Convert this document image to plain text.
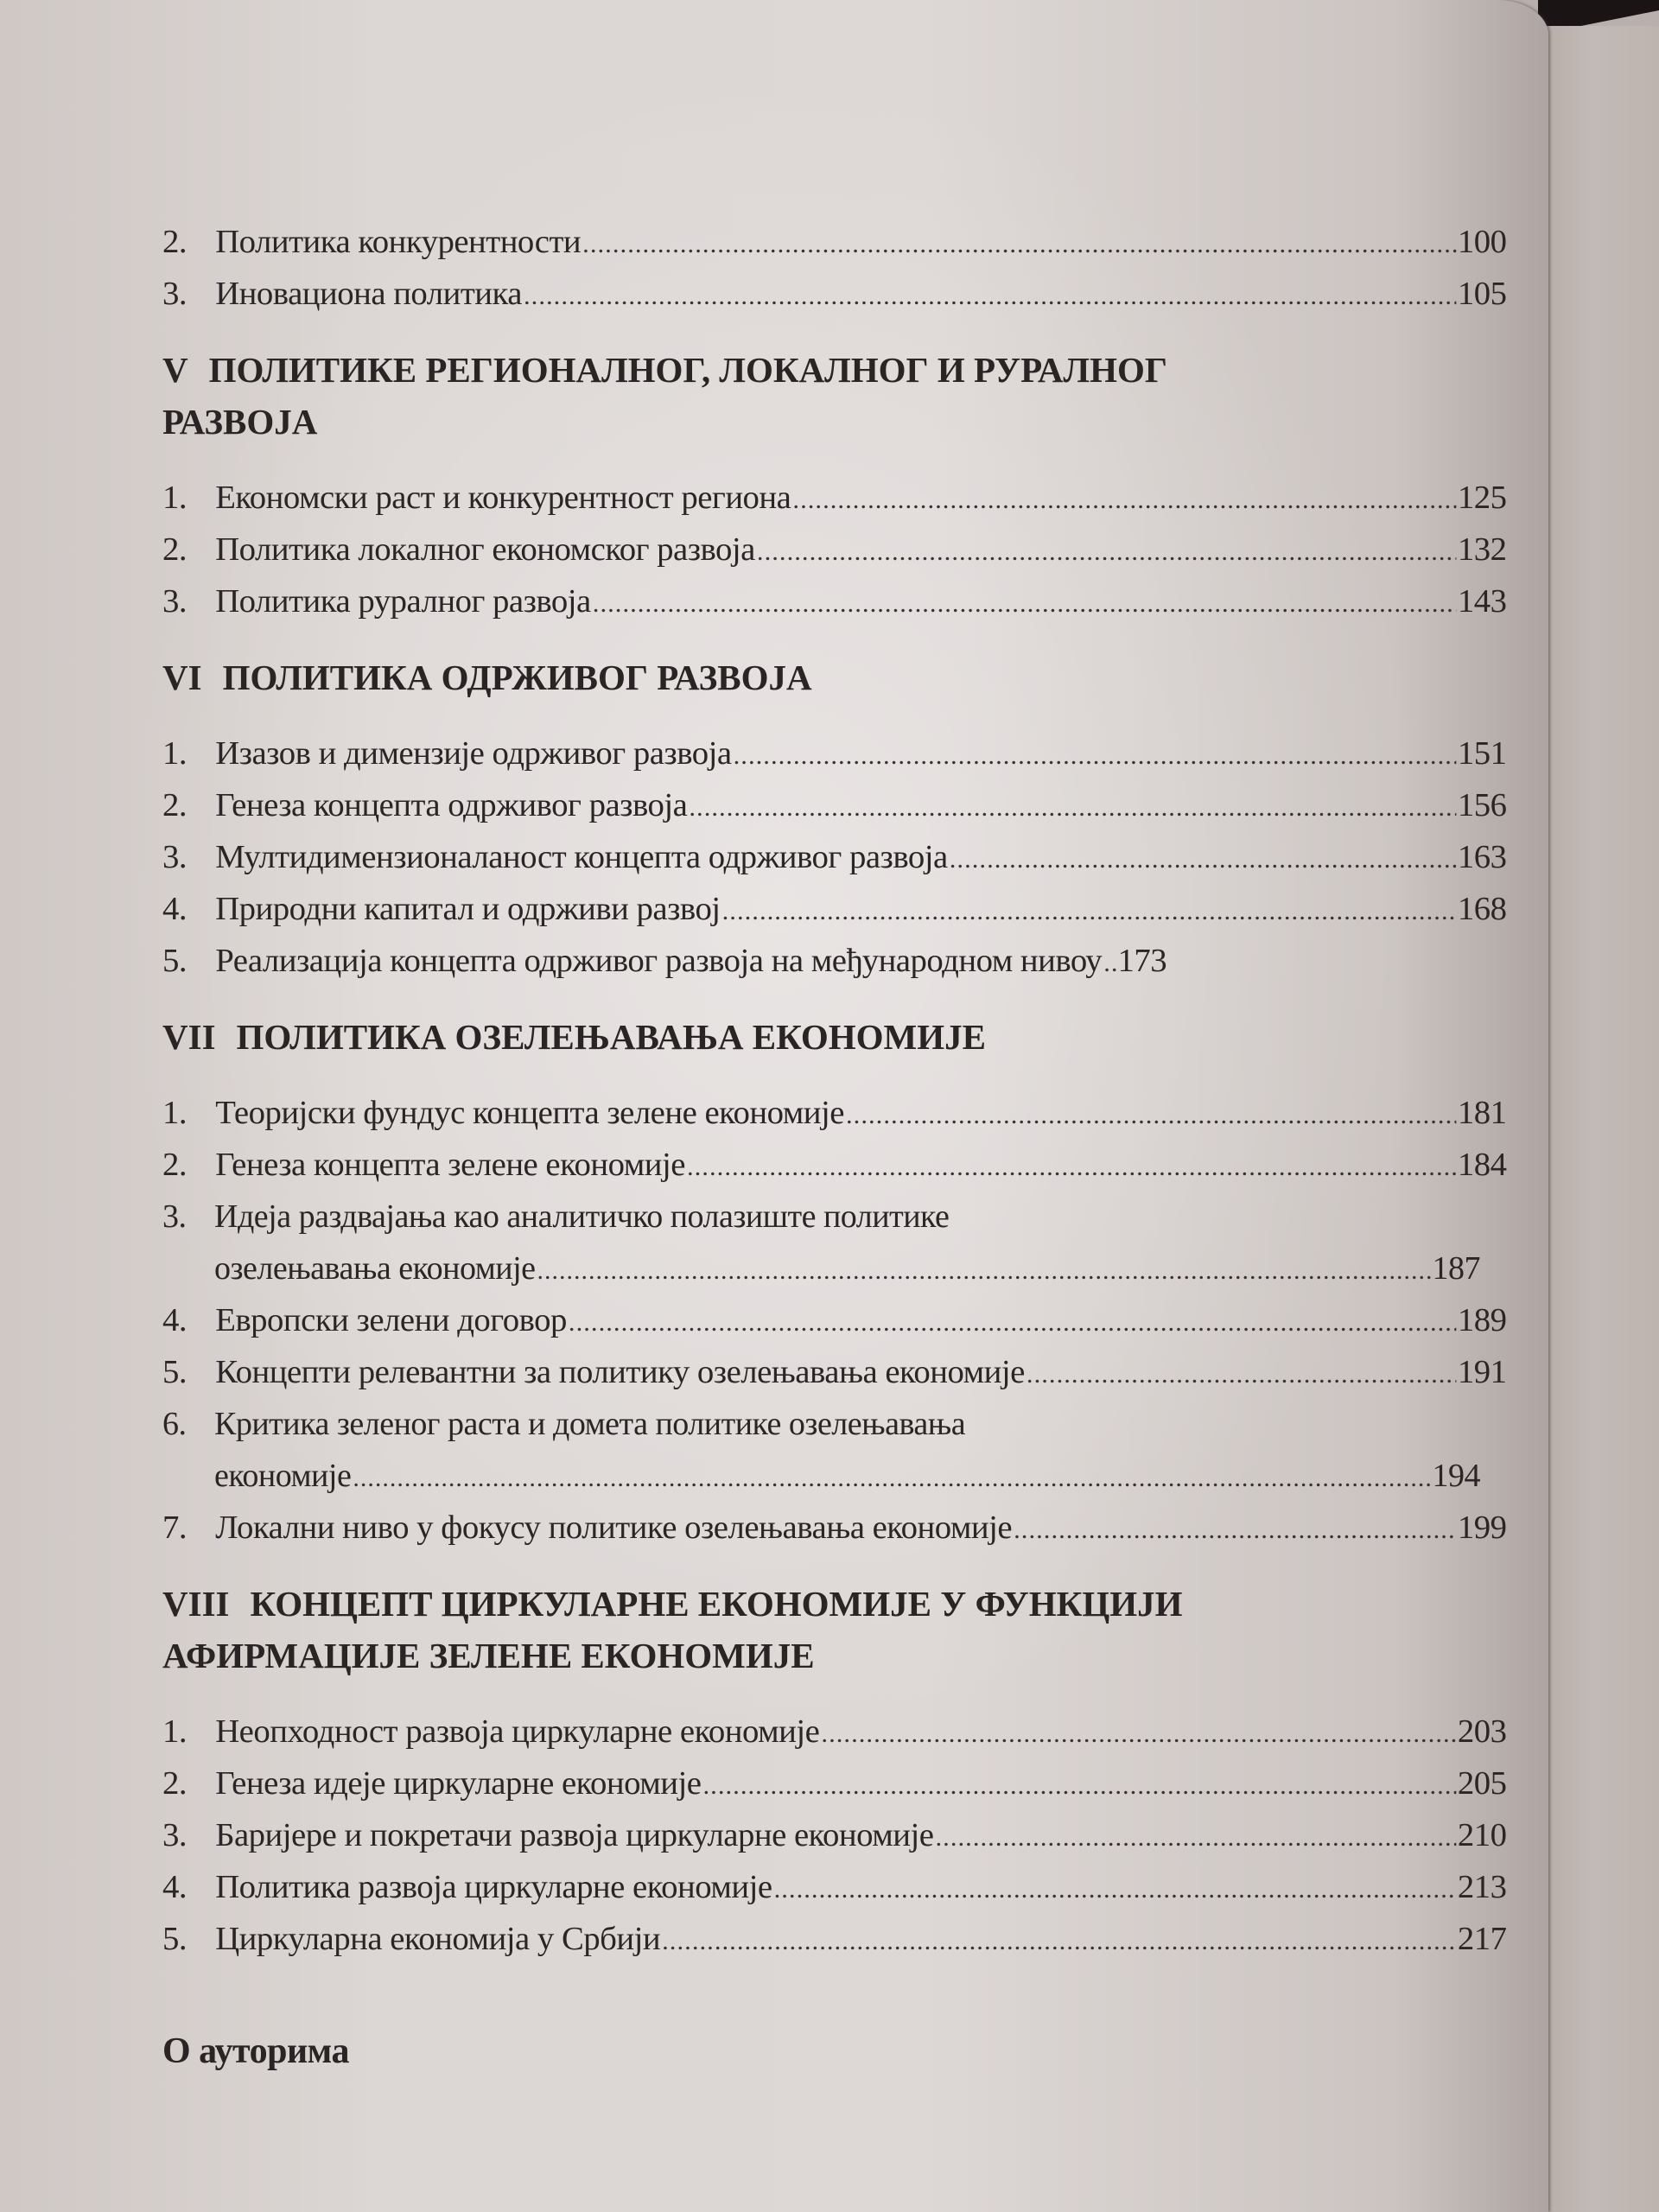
2. Политика конкурентности .....	100
3. Иновациона политика .....	105
V ПОЛИТИКЕ РЕГИОНАЛНОГ, ЛОКАЛНОГ И РУРАЛНОГ
РАЗВОЈА
1. Економски раст и конкурентност региона .....	125
2. Политика локалног економског развоја .....	132
3. Политика руралног развоја .....	143
VI ПОЛИТИКА ОДРЖИВОГ РАЗВОЈА
1. Изазов и димензије одрживог развоја .....	151
2. Генеза концепта одрживог развоја .....	156
3. Мултидимензионаланост концепта одрживог развоја .....	163
4. Природни капитал и одрживи развој .....	168
5. Реализација концепта одрживог развоја на међународном нивоу ..... 173
VII ПОЛИТИКА ОЗЕЛЕЊАВАЊА ЕКОНОМИЈЕ
1. Теоријски фундус концепта зелене економије .....	181
2. Генеза концепта зелене економије .....	184
3. Идеја раздвајања као аналитичко полазиште политике
озелењавања економије .....	187
4. Европски зелени договор .....	189
5. Концепти релевантни за политику озелењавања економије .....	191
6. Критика зеленог раста и домета политике озелењавања
економије .....	194
7. Локални ниво у фокусу политике озелењавања економије .....	199
VIII КОНЦЕПТ ЦИРКУЛАРНЕ ЕКОНОМИЈЕ У ФУНКЦИЈИ
АФИРМАЦИЈЕ ЗЕЛЕНЕ ЕКОНОМИЈЕ
1. Неопходност развоја циркуларне економије .....	203
2. Генеза идеје циркуларне економије .....	205
3. Баријере и покретачи развоја циркуларне економије .....	210
4. Политика развоја циркуларне економије .....	213
5. Циркуларна економија у Србији .....	217
О ауторима
